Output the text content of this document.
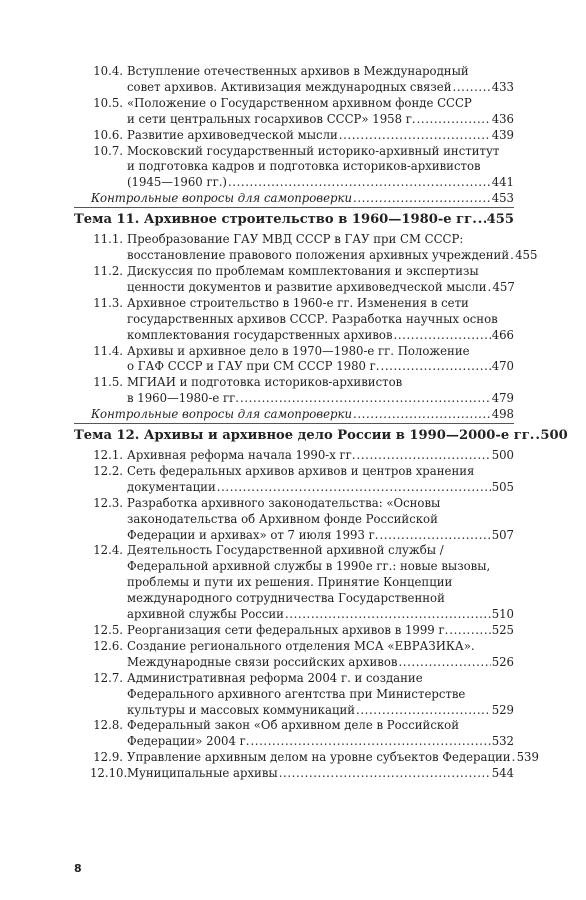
10.4. Вступление отечественных архивов в Международный
совет архивов. Активизация международных связей .....	433
10.5. «Положение о Государственном архивном фонде СССР
и сети центральных госархивов СССР» 1958 г. .....	436
10.6. Развитие архивоведческой мысли .....	439
10.7. Московский государственный историко-архивный институт
и подготовка кадров и подготовка историков-архивистов
(1945—1960 гг.) .....	441
Контрольные вопросы для самопроверки .....	453
Тема 11. Архивное строительство в 1960—1980-е гг. ..... 455
11.1. Преобразование ГАУ МВД СССР в ГАУ при СМ СССР:
восстановление правового положения архивных учреждений ..... 455
11.2. Дискуссия по проблемам комплектования и экспертизы
ценности документов и развитие архивоведческой мысли ..... 457
11.3. Архивное строительство в 1960-е гг. Изменения в сети
государственных архивов СССР. Разработка научных основ
комплектования государственных архивов .....	466
11.4. Архивы и архивное дело в 1970—1980-е гг. Положение
о ГАФ СССР и ГАУ при СМ СССР 1980 г. .....	470
11.5. МГИАИ и подготовка историков-архивистов
в 1960—1980-е гг. .....	479
Контрольные вопросы для самопроверки .....	498
Тема 12. Архивы и архивное дело России в 1990—2000-е гг. ..... 500
12.1. Архивная реформа начала 1990-х гг. .....	500
12.2. Сеть федеральных архивов архивов и центров хранения
документации .....	505
12.3. Разработка архивного законодательства: «Основы
законодательства об Архивном фонде Российской
Федерации и архивах» от 7 июля 1993 г. .....	507
12.4. Деятельность Государственной архивной службы /
Федеральной архивной службы в 1990е гг.: новые вызовы,
проблемы и пути их решения. Принятие Концепции
международного сотрудничества Государственной
архивной службы России .....	510
12.5. Реорганизация сети федеральных архивов в 1999 г. .....	525
12.6. Создание регионального отделения МСА «ЕВРАЗИКА».
Международные связи российских архивов .....	526
12.7. Административная реформа 2004 г. и создание
Федерального архивного агентства при Министерстве
культуры и массовых коммуникаций .....	529
12.8. Федеральный закон «Об архивном деле в Российской
Федерации» 2004 г. .....	532
12.9. Управление архивным делом на уровне субъектов Федерации ..... 539
12.10. Муниципальные архивы .....	544
8
